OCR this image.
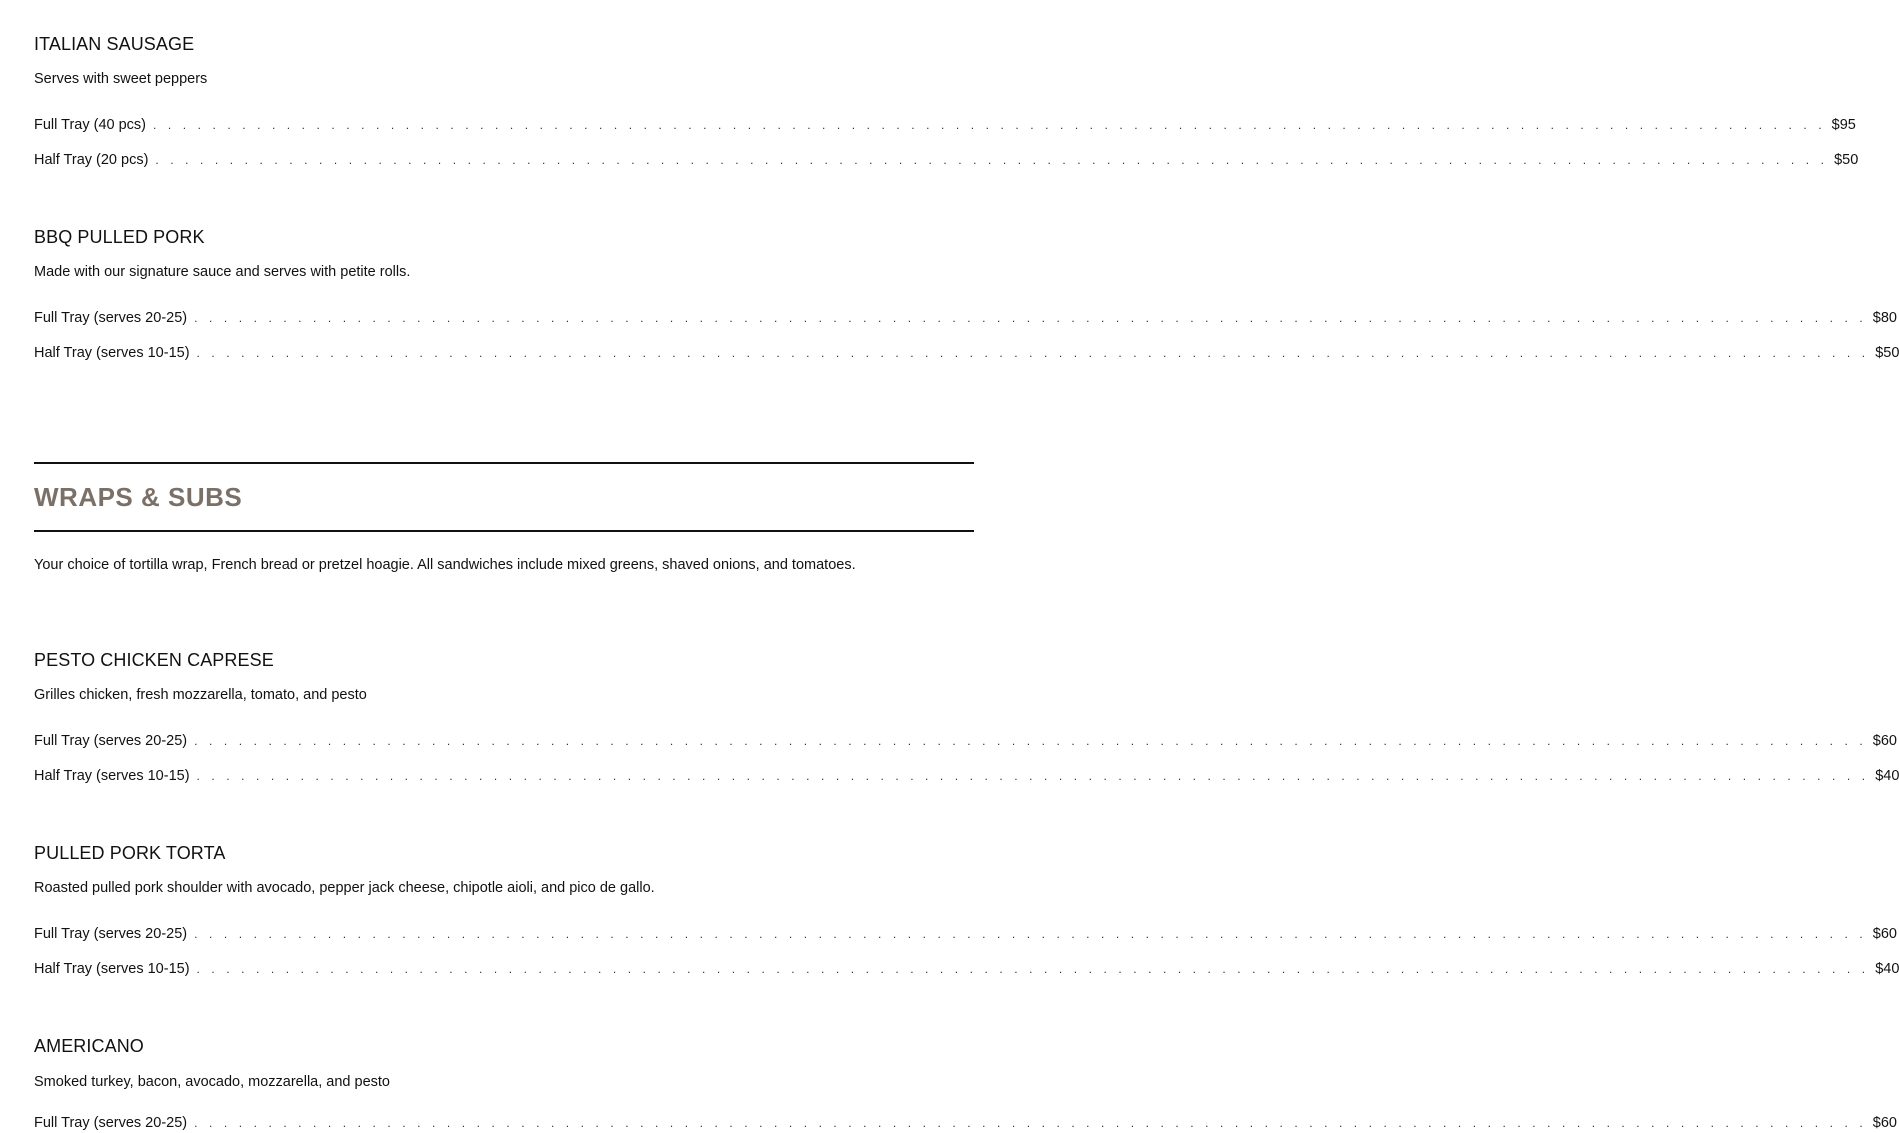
ITALIAN SAUSAGE
Serves with sweet peppers
Full Tray (40 pcs) . . . . . . . . . . . . . . . . . . . . . . . . . . . . . . . . . . . . . . . . . . . . . . . . . . . . . . . . . . . . . . . . . . . . . . . . . . . . . . . . . . . . . . . . . . . . . . . . . . . . . . . . . . . . . . . . . $95
Half Tray (20 pcs) . . . . . . . . . . . . . . . . . . . . . . . . . . . . . . . . . . . . . . . . . . . . . . . . . . . . . . . . . . . . . . . . . . . . . . . . . . . . . . . . . . . . . . . . . . . . . . . . . . . . . . . . . . . . . . . . . $50
BBQ PULLED PORK
Made with our signature sauce and serves with petite rolls.
Full Tray (serves 20-25) . . . . . . . . . . . . . . . . . . . . . . . . . . . . . . . . . . . . . . . . . . . . . . . . . . . . . . . . . . . . . . . . . . . . . . . . . . . . . . . . . . . . . . . . . . . . . . . . . . . . . . . . . . . . . . . . . $80
Half Tray (serves 10-15) . . . . . . . . . . . . . . . . . . . . . . . . . . . . . . . . . . . . . . . . . . . . . . . . . . . . . . . . . . . . . . . . . . . . . . . . . . . . . . . . . . . . . . . . . . . . . . . . . . . . . . . . . . . . . . . . . $50
WRAPS & SUBS
Your choice of tortilla wrap, French bread or pretzel hoagie. All sandwiches include mixed greens, shaved onions, and tomatoes.
PESTO CHICKEN CAPRESE
Grilles chicken, fresh mozzarella, tomato, and pesto
Full Tray (serves 20-25) . . . . . . . . . . . . . . . . . . . . . . . . . . . . . . . . . . . . . . . . . . . . . . . . . . . . . . . . . . . . . . . . . . . . . . . . . . . . . . . . . . . . . . . . . . . . . . . . . . . . . . . . . . . . . . . . . $60
Half Tray (serves 10-15) . . . . . . . . . . . . . . . . . . . . . . . . . . . . . . . . . . . . . . . . . . . . . . . . . . . . . . . . . . . . . . . . . . . . . . . . . . . . . . . . . . . . . . . . . . . . . . . . . . . . . . . . . . . . . . . . . $40
PULLED PORK TORTA
Roasted pulled pork shoulder with avocado, pepper jack cheese, chipotle aioli, and pico de gallo.
Full Tray (serves 20-25) . . . . . . . . . . . . . . . . . . . . . . . . . . . . . . . . . . . . . . . . . . . . . . . . . . . . . . . . . . . . . . . . . . . . . . . . . . . . . . . . . . . . . . . . . . . . . . . . . . . . . . . . . . . . . . . . . $60
Half Tray (serves 10-15) . . . . . . . . . . . . . . . . . . . . . . . . . . . . . . . . . . . . . . . . . . . . . . . . . . . . . . . . . . . . . . . . . . . . . . . . . . . . . . . . . . . . . . . . . . . . . . . . . . . . . . . . . . . . . . . . . $40
AMERICANO
Smoked turkey, bacon, avocado, mozzarella, and pesto
Full Tray (serves 20-25) . . . . . . . . . . . . . . . . . . . . . . . . . . . . . . . . . . . . . . . . . . . . . . . . . . . . . . . . . . . . . . . . . . . . . . . . . . . . . . . . . . . . . . . . . . . . . . . . . . . . . . . . . . . . . . . . . $60
